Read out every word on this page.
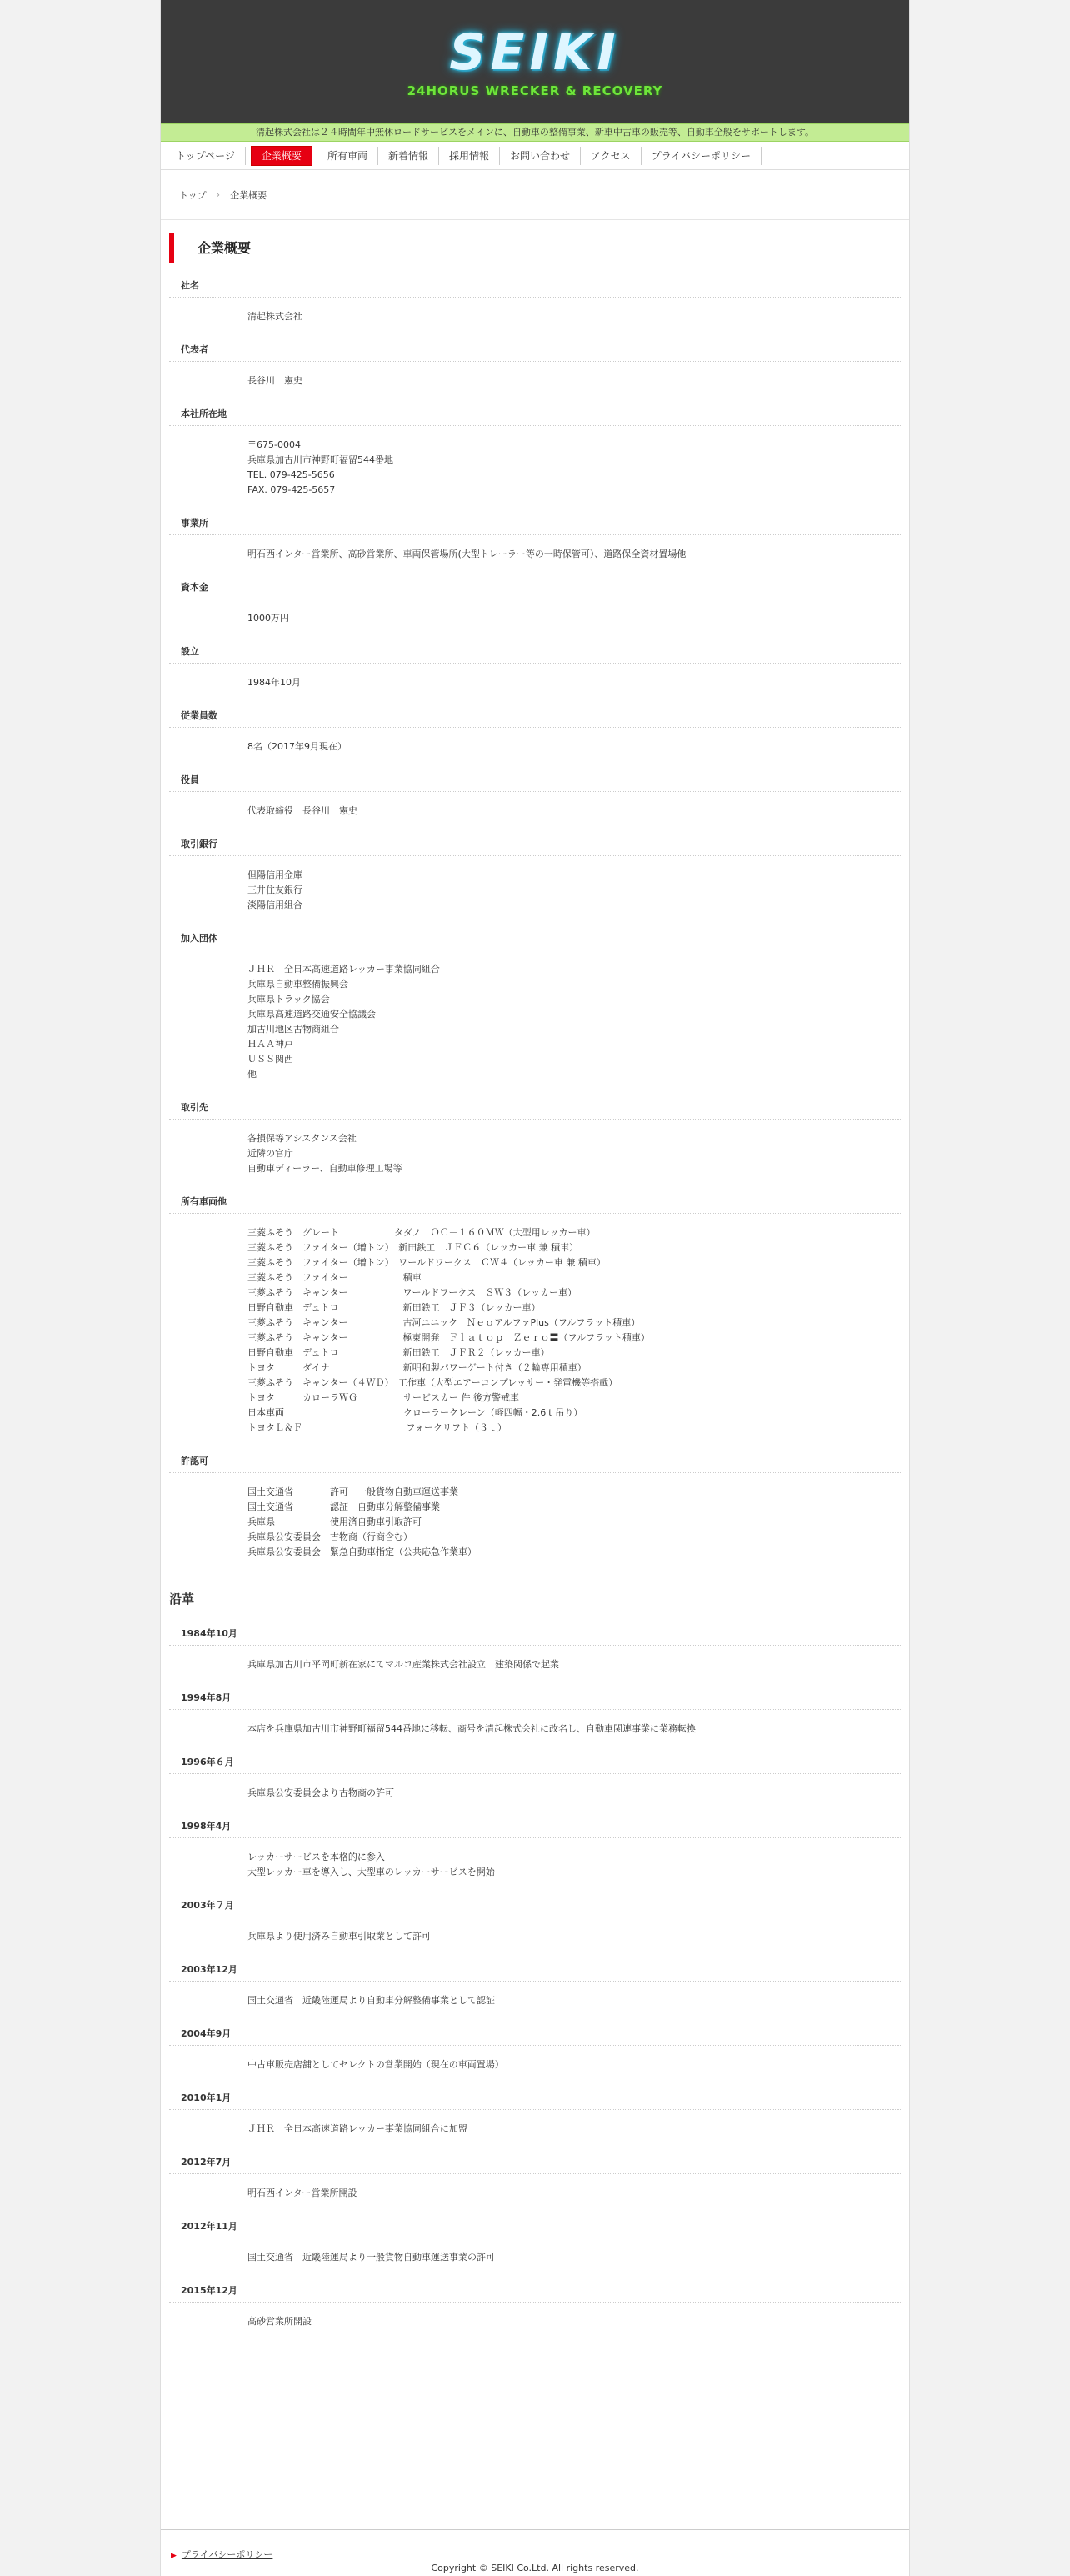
SEIKI
24HORUS WRECKER & RECOVERY
清起株式会社は２４時間年中無休ロードサービスをメインに、自動車の整備事業、新車中古車の販売等、自動車全般をサポートします。
トップページ	企業概要	所有車両	新着情報	採用情報	お問い合わせ	アクセス	プライバシーポリシー
トップ › 企業概要
企業概要
社名
清起株式会社
代表者
長谷川　憲史
本社所在地
〒675-0004
兵庫県加古川市神野町福留544番地
TEL. 079-425-5656
FAX. 079-425-5657
事業所
明石西インター営業所、高砂営業所、車両保管場所(大型トレーラー等の一時保管可）、道路保全資材置場他
資本金
1000万円
設立
1984年10月
従業員数
8名（2017年9月現在）
役員
代表取締役　長谷川　憲史
取引銀行
但陽信用金庫
三井住友銀行
淡陽信用組合
加入団体
ＪＨＲ　全日本高速道路レッカー事業協同組合
兵庫県自動車整備振興会
兵庫県トラック協会
兵庫県高速道路交通安全協議会
加古川地区古物商組合
ＨＡＡ神戸
ＵＳＳ関西
他
取引先
各損保等アシスタンス会社
近隣の官庁
自動車ディーラー、自動車修理工場等
所有車両他
三菱ふそう　グレート　　　　　　タダノ　ＯＣ－１６０ＭＷ（大型用レッカー車）
三菱ふそう　ファイター（増トン）　新田鉄工　ＪＦＣ６（レッカー車 兼 積車）
三菱ふそう　ファイター（増トン）　ワールドワークス　ＣＷ４（レッカー車 兼 積車）
三菱ふそう　ファイター　　　　　　積車
三菱ふそう　キャンター　　　　　　ワールドワークス　ＳＷ３（レッカー車）
日野自動車　デュトロ　　　　　　　新田鉄工　ＪＦ３（レッカー車）
三菱ふそう　キャンター　　　　　　古河ユニック　ＮｅｏアルファPlus（フルフラット積車）
三菱ふそう　キャンター　　　　　　極東開発　Ｆｌａｔｏｐ　Ｚｅｒｏ〓（フルフラット積車）
日野自動車　デュトロ　　　　　　　新田鉄工　ＪＦＲ２（レッカー車）
トヨタ　　　ダイナ　　　　　　　　新明和製パワーゲート付き（２輪専用積車）
三菱ふそう　キャンター（４ＷＤ）　工作車（大型エアーコンプレッサー・発電機等搭載）
トヨタ　　　カローラＷＧ　　　　　サービスカー 件 後方警戒車
日本車両　　　　　　　　　　　　　クローラークレーン（軽四幅・2.6ｔ吊り）
トヨタＬ＆Ｆ　　　　　　　　　　　 フォークリフト（３ｔ）
許認可
国土交通省　　　　許可　一般貨物自動車運送事業
国土交通省　　　　認証　自動車分解整備事業
兵庫県　　　　　　使用済自動車引取許可
兵庫県公安委員会　古物商（行商含む）
兵庫県公安委員会　緊急自動車指定（公共応急作業車）
沿革
1984年10月
兵庫県加古川市平岡町新在家にてマルコ産業株式会社設立　建築関係で起業
1994年8月
本店を兵庫県加古川市神野町福留544番地に移転、商号を清起株式会社に改名し、自動車関連事業に業務転換
1996年６月
兵庫県公安委員会より古物商の許可
1998年4月
レッカーサービスを本格的に参入
大型レッカー車を導入し、大型車のレッカーサービスを開始
2003年７月
兵庫県より使用済み自動車引取業として許可
2003年12月
国土交通省　近畿陸運局より自動車分解整備事業として認証
2004年9月
中古車販売店舗としてセレクトの営業開始（現在の車両置場）
2010年1月
ＪＨＲ　全日本高速道路レッカー事業協同組合に加盟
2012年7月
明石西インター営業所開設
2012年11月
国土交通省　近畿陸運局より一般貨物自動車運送事業の許可
2015年12月
高砂営業所開設
▶ プライバシーポリシー
Copyright © SEIKI Co.Ltd. All rights reserved.
